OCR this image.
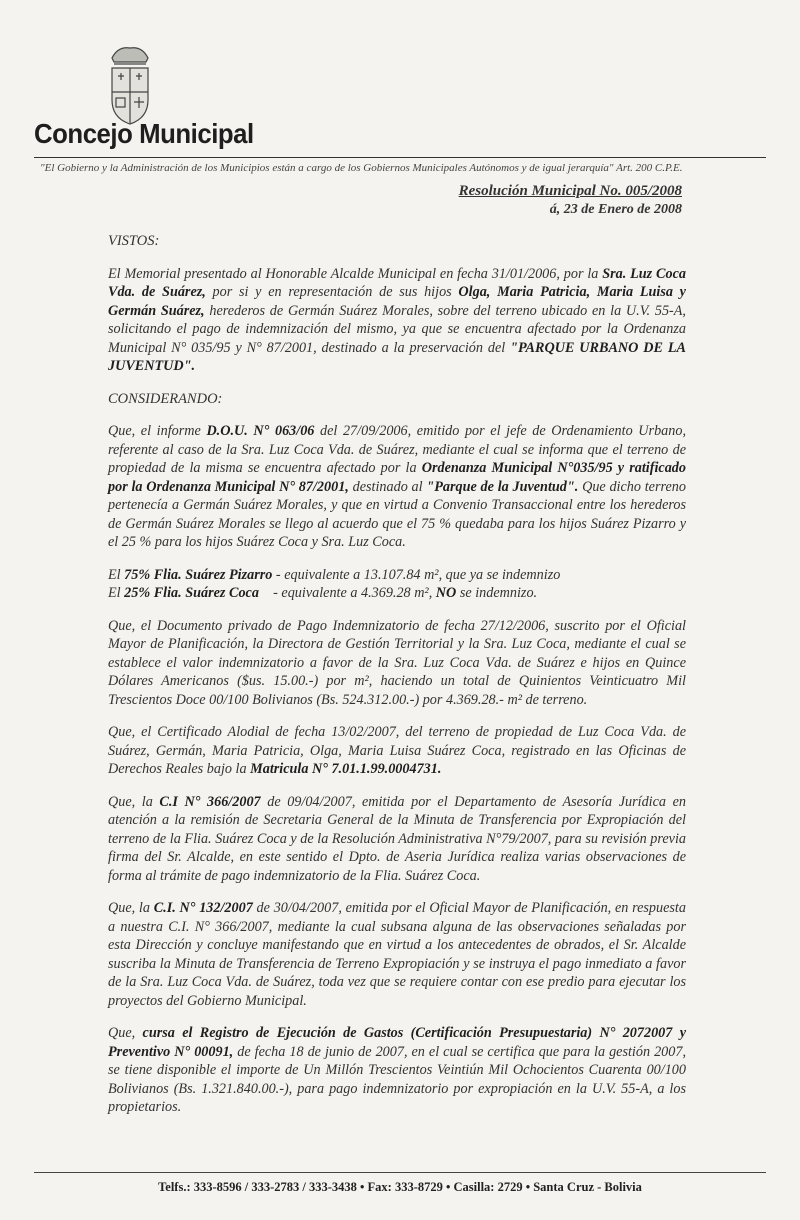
Concejo Municipal
"El Gobierno y la Administración de los Municipios están a cargo de los Gobiernos Municipales Autónomos y de igual jerarquía" Art. 200 C.P.E.
Resolución Municipal No. 005/2008
á, 23 de Enero de 2008
VISTOS:

El Memorial presentado al Honorable Alcalde Municipal en fecha 31/01/2006, por la Sra. Luz Coca Vda. de Suárez, por si y en representación de sus hijos Olga, Maria Patricia, Maria Luisa y Germán Suárez, herederos de Germán Suárez Morales, sobre del terreno ubicado en la U.V. 55-A, solicitando el pago de indemnización del mismo, ya que se encuentra afectado por la Ordenanza Municipal N° 035/95 y N° 87/2001, destinado a la preservación del "PARQUE URBANO DE LA JUVENTUD".

CONSIDERANDO:

Que, el informe D.O.U. N° 063/06 del 27/09/2006, emitido por el jefe de Ordenamiento Urbano, referente al caso de la Sra. Luz Coca Vda. de Suárez, mediante el cual se informa que el terreno de propiedad de la misma se encuentra afectado por la Ordenanza Municipal N°035/95 y ratificado por la Ordenanza Municipal N° 87/2001, destinado al "Parque de la Juventud". Que dicho terreno pertenecía a Germán Suárez Morales, y que en virtud a Convenio Transaccional entre los herederos de Germán Suárez Morales se llego al acuerdo que el 75 % quedaba para los hijos Suárez Pizarro y el 25 % para los hijos Suárez Coca y Sra. Luz Coca.

El 75% Flia. Suárez Pizarro - equivalente a 13.107.84 m², que ya se indemnizo
El 25% Flia. Suárez Coca    - equivalente a 4.369.28 m², NO se indemnizo.

Que, el Documento privado de Pago Indemnizatorio de fecha 27/12/2006, suscrito por el Oficial Mayor de Planificación, la Directora de Gestión Territorial y la Sra. Luz Coca, mediante el cual se establece el valor indemnizatorio a favor de la Sra. Luz Coca Vda. de Suárez e hijos en Quince Dólares Americanos ($us. 15.00.-) por m², haciendo un total de Quinientos Veinticuatro Mil Trescientos Doce 00/100 Bolivianos (Bs. 524.312.00.-) por 4.369.28.- m² de terreno.

Que, el Certificado Alodial de fecha 13/02/2007, del terreno de propiedad de Luz Coca Vda. de Suárez, Germán, Maria Patricia, Olga, Maria Luisa Suárez Coca, registrado en las Oficinas de Derechos Reales bajo la Matricula N° 7.01.1.99.0004731.

Que, la C.I N° 366/2007 de 09/04/2007, emitida por el Departamento de Asesoría Jurídica en atención a la remisión de Secretaria General de la Minuta de Transferencia por Expropiación del terreno de la Flia. Suárez Coca y de la Resolución Administrativa N°79/2007, para su revisión previa firma del Sr. Alcalde, en este sentido el Dpto. de Aseria Jurídica realiza varias observaciones de forma al trámite de pago indemnizatorio de la Flia. Suárez Coca.

Que, la C.I. N° 132/2007 de 30/04/2007, emitida por el Oficial Mayor de Planificación, en respuesta a nuestra C.I. N° 366/2007, mediante la cual subsana alguna de las observaciones señaladas por esta Dirección y concluye manifestando que en virtud a los antecedentes de obrados, el Sr. Alcalde suscriba la Minuta de Transferencia de Terreno Expropiación y se instruya el pago inmediato a favor de la Sra. Luz Coca Vda. de Suárez, toda vez que se requiere contar con ese predio para ejecutar los proyectos del Gobierno Municipal.

Que, cursa el Registro de Ejecución de Gastos (Certificación Presupuestaria) N° 2072007 y Preventivo N° 00091, de fecha 18 de junio de 2007, en el cual se certifica que para la gestión 2007, se tiene disponible el importe de Un Millón Trescientos Veintiún Mil Ochocientos Cuarenta 00/100 Bolivianos (Bs. 1.321.840.00.-), para pago indemnizatorio por expropiación en la U.V. 55-A, a los propietarios.

Telfs.: 333-8596 / 333-2783 / 333-3438 • Fax: 333-8729 • Casilla: 2729 • Santa Cruz - Bolivia
